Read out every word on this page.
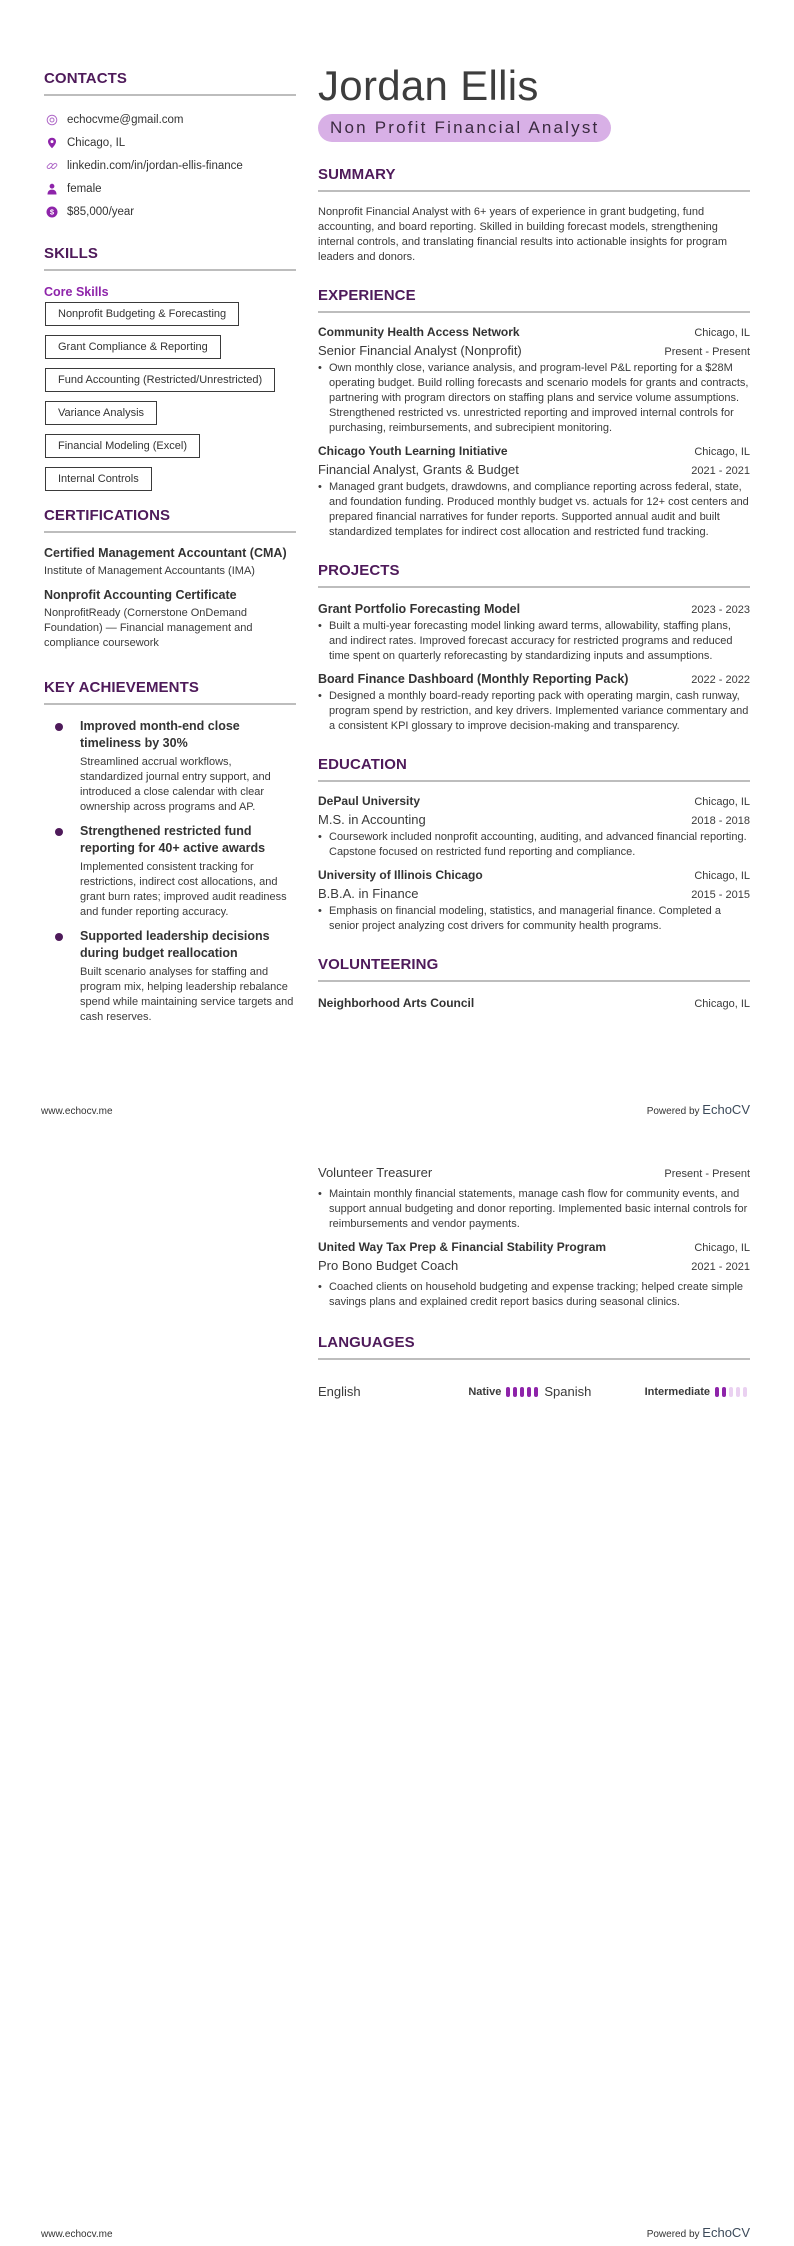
CONTACTS
echocvme@gmail.com
Chicago, IL
linkedin.com/in/jordan-ellis-finance
female
$ $85,000/year
SKILLS
Core Skills
Nonprofit Budgeting & Forecasting
Grant Compliance & Reporting
Fund Accounting (Restricted/Unrestricted)
Variance Analysis
Financial Modeling (Excel)
Internal Controls
CERTIFICATIONS
Certified Management Accountant (CMA)
Institute of Management Accountants (IMA)
Nonprofit Accounting Certificate
NonprofitReady (Cornerstone OnDemand Foundation) — Financial management and compliance coursework
KEY ACHIEVEMENTS
Improved month-end close timeliness by 30%
Streamlined accrual workflows, standardized journal entry support, and introduced a close calendar with clear ownership across programs and AP.
Strengthened restricted fund reporting for 40+ active awards
Implemented consistent tracking for restrictions, indirect cost allocations, and grant burn rates; improved audit readiness and funder reporting accuracy.
Supported leadership decisions during budget reallocation
Built scenario analyses for staffing and program mix, helping leadership rebalance spend while maintaining service targets and cash reserves.
Jordan Ellis
Non Profit Financial Analyst
SUMMARY
Nonprofit Financial Analyst with 6+ years of experience in grant budgeting, fund accounting, and board reporting. Skilled in building forecast models, strengthening internal controls, and translating financial results into actionable insights for program leaders and donors.
EXPERIENCE
Community Health Access Network	Chicago, IL
Senior Financial Analyst (Nonprofit)	Present - Present
• Own monthly close, variance analysis, and program-level P&L reporting for a $28M operating budget. Build rolling forecasts and scenario models for grants and contracts, partnering with program directors on staffing plans and service volume assumptions. Strengthened restricted vs. unrestricted reporting and improved internal controls for purchasing, reimbursements, and subrecipient monitoring.
Chicago Youth Learning Initiative	Chicago, IL
Financial Analyst, Grants & Budget	2021 - 2021
• Managed grant budgets, drawdowns, and compliance reporting across federal, state, and foundation funding. Produced monthly budget vs. actuals for 12+ cost centers and prepared financial narratives for funder reports. Supported annual audit and built standardized templates for indirect cost allocation and restricted fund tracking.
PROJECTS
Grant Portfolio Forecasting Model	2023 - 2023
• Built a multi-year forecasting model linking award terms, allowability, staffing plans, and indirect rates. Improved forecast accuracy for restricted programs and reduced time spent on quarterly reforecasting by standardizing inputs and assumptions.
Board Finance Dashboard (Monthly Reporting Pack)	2022 - 2022
• Designed a monthly board-ready reporting pack with operating margin, cash runway, program spend by restriction, and key drivers. Implemented variance commentary and a consistent KPI glossary to improve decision-making and transparency.
EDUCATION
DePaul University	Chicago, IL
M.S. in Accounting	2018 - 2018
• Coursework included nonprofit accounting, auditing, and advanced financial reporting. Capstone focused on restricted fund reporting and compliance.
University of Illinois Chicago	Chicago, IL
B.B.A. in Finance	2015 - 2015
• Emphasis on financial modeling, statistics, and managerial finance. Completed a senior project analyzing cost drivers for community health programs.
VOLUNTEERING
Neighborhood Arts Council	Chicago, IL
www.echocv.me	Powered by EchoCV
Volunteer Treasurer	Present - Present
• Maintain monthly financial statements, manage cash flow for community events, and support annual budgeting and donor reporting. Implemented basic internal controls for reimbursements and vendor payments.
United Way Tax Prep & Financial Stability Program	Chicago, IL
Pro Bono Budget Coach	2021 - 2021
• Coached clients on household budgeting and expense tracking; helped create simple savings plans and explained credit report basics during seasonal clinics.
LANGUAGES
English	Native	Spanish	Intermediate
www.echocv.me	Powered by EchoCV
